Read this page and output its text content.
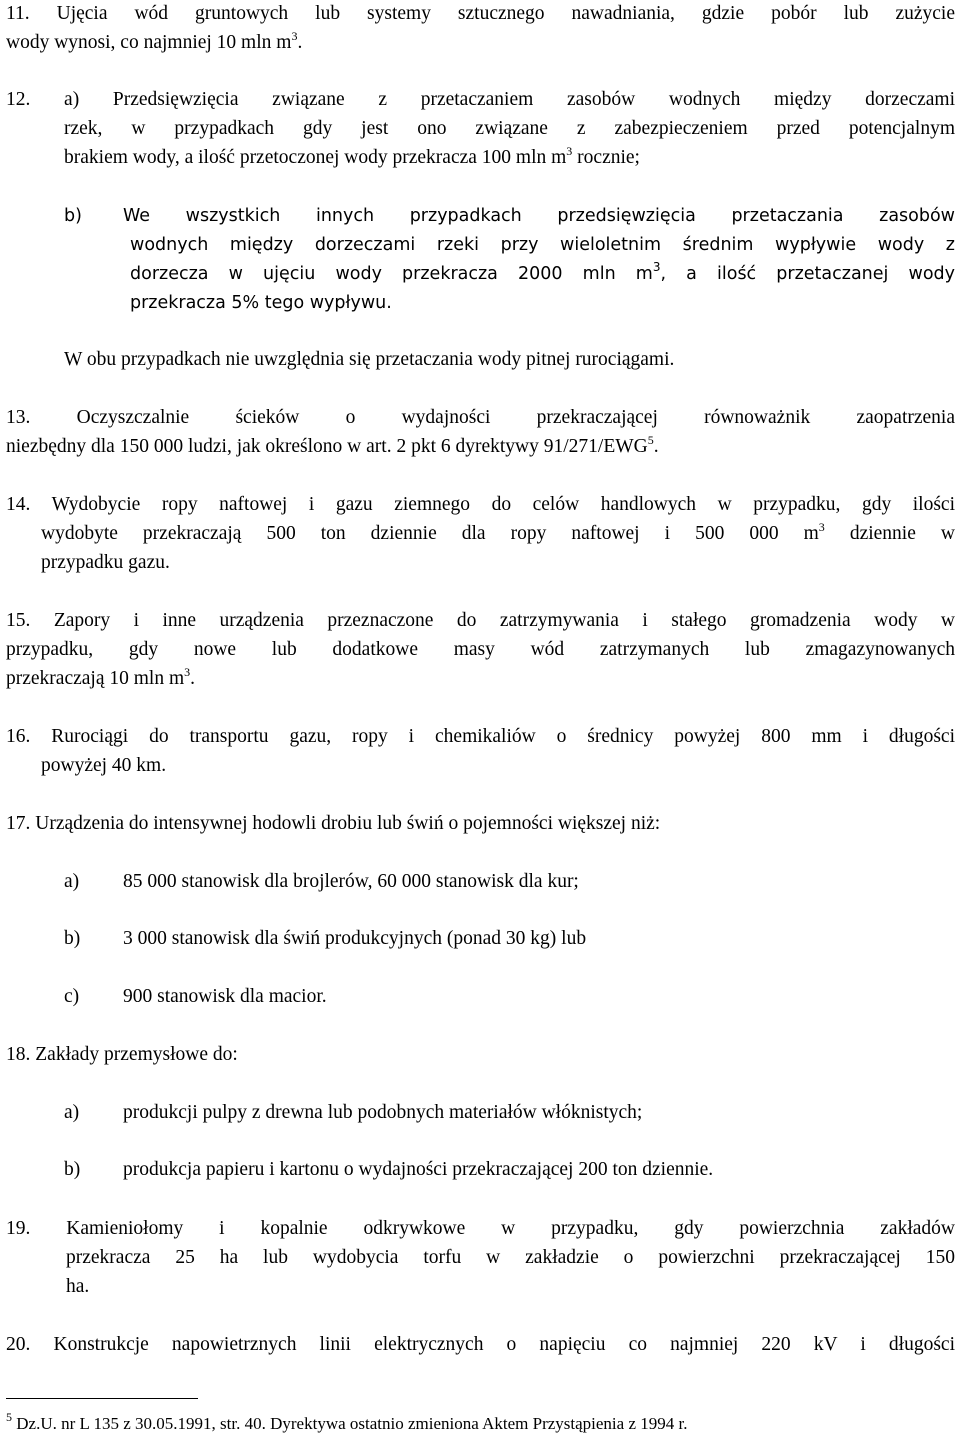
11. Ujęcia wód gruntowych lub systemy sztucznego nawadniania, gdzie pobór lub zużycie
wody wynosi, co najmniej 10 mln $m^3$.
12. a) Przedsięwzięcia związane z przetaczaniem zasobów wodnych między dorzeczami
rzek, w przypadkach gdy jest ono związane z zabezpieczeniem przed potencjalnym
brakiem wody, a ilość przetoczonej wody przekracza 100 mln $m^3$ rocznie;
b) We wszystkich innych przypadkach przedsięwzięcia przetaczania zasobów
wodnych między dorzeczami rzeki przy wieloletnim średnim wypływie wody z
dorzecza w ujęciu wody przekracza 2000 mln $m^3$, a ilość przetaczanej wody
przekracza 5% tego wypływu.
W obu przypadkach nie uwzględnia się przetaczania wody pitnej rurociągami.
13. Oczyszczalnie ścieków o wydajności przekraczającej równoważnik zaopatrzenia
niezbędny dla 150 000 ludzi, jak określono w art. 2 pkt 6 dyrektywy 91/271/EWG$^5$.
14. Wydobycie ropy naftowej i gazu ziemnego do celów handlowych w przypadku, gdy ilości
wydobyte przekraczają 500 ton dziennie dla ropy naftowej i 500 000 $m^3$ dziennie w
przypadku gazu.
15. Zapory i inne urządzenia przeznaczone do zatrzymywania i stałego gromadzenia wody w
przypadku, gdy nowe lub dodatkowe masy wód zatrzymanych lub zmagazynowanych
przekraczają 10 mln $m^3$.
16. Rurociągi do transportu gazu, ropy i chemikaliów o średnicy powyżej 800 mm i długości
powyżej 40 km.
17. Urządzenia do intensywnej hodowli drobiu lub świń o pojemności większej niż:
a) 85 000 stanowisk dla brojlerów, 60 000 stanowisk dla kur;
b) 3 000 stanowisk dla świń produkcyjnych (ponad 30 kg) lub
c) 900 stanowisk dla macior.
18. Zakłady przemysłowe do:
a) produkcji pulpy z drewna lub podobnych materiałów włóknistych;
b) produkcja papieru i kartonu o wydajności przekraczającej 200 ton dziennie.
19. Kamieniołomy i kopalnie odkrywkowe w przypadku, gdy powierzchnia zakładów
przekracza 25 ha lub wydobycia torfu w zakładzie o powierzchni przekraczającej 150
ha.
20. Konstrukcje napowietrznych linii elektrycznych o napięciu co najmniej 220 kV i długości
$^5$ Dz.U. nr L 135 z 30.05.1991, str. 40. Dyrektywa ostatnio zmieniona Aktem Przystąpienia z 1994 r.
